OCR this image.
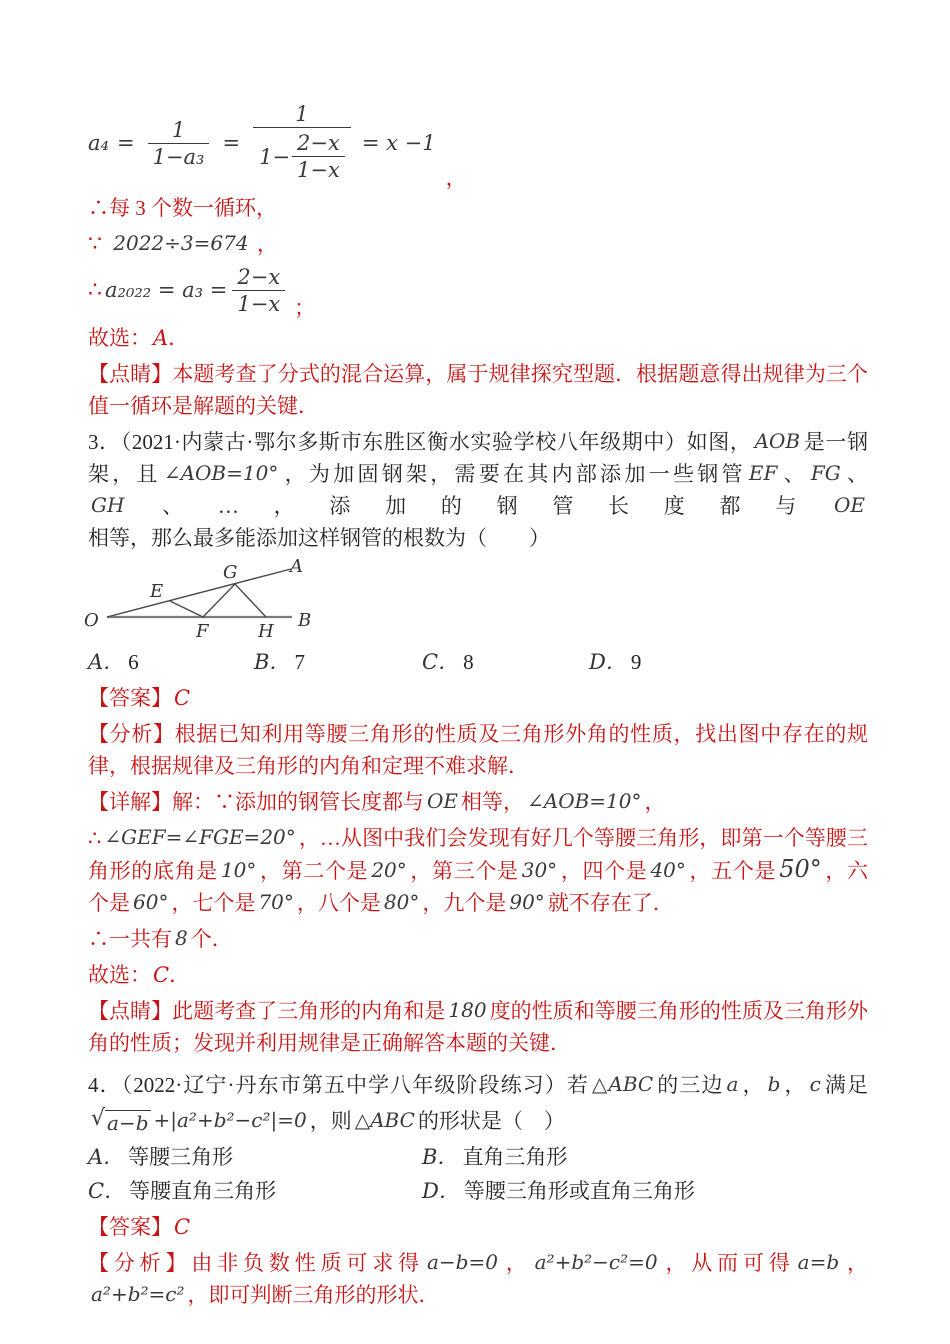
$a_4 = \frac{1}{\text{1−a₃}} = \frac{1}{1- \frac{2-x}{1-x}} = x -1$
，
∴每 3 个数一循环，
∵ 2022÷3=674 ，
∴ $a_{2022} = a_3 = \frac{2-x}{1-x}$ ；
故选：A．
【点睛】本题考查了分式的混合运算，属于规律探究型题．根据题意得出规律为三个值一循环是解题的关键．
3．（2021·内蒙古·鄂尔多斯市东胜区衡水实验学校八年级期中）如图， AOB 是一钢架，且 ∠AOB=10° ，为加固钢架，需要在其内部添加一些钢管 EF 、 FG 、GH 、…，添加的钢管长度都与 OE相等，那么最多能添加这样钢管的根数为（　　）
O
E
G	A
F	H
B
A． 6	B． 7	C． 8	D． 9
【答案】C
【分析】根据已知利用等腰三角形的性质及三角形外角的性质，找出图中存在的规律，根据规律及三角形的内角和定理不难求解．
【详解】解：∵添加的钢管长度都与 OE 相等， ∠AOB=10° ，
∴ ∠GEF=∠FGE=20° ，…从图中我们会发现有好几个等腰三角形，即第一个等腰三角形的底角是 10° ，第二个是 20° ，第三个是 30° ，四个是 40° ，五个是 50° ，六个是 60° ，七个是 70° ，八个是 80° ，九个是 90° 就不存在了．
∴一共有 8 个．
故选：C．
【点睛】此题考查了三角形的内角和是 180 度的性质和等腰三角形的性质及三角形外角的性质；发现并利用规律是正确解答本题的关键．
4．（2022·辽宁·丹东市第五中学八年级阶段练习）若 △ABC 的三边 a ， b ， c 满足
√ a−b +|a²+b²−c²|=0 ，则 △ABC 的形状是（　）
A． 等腰三角形	B． 直角三角形
C． 等腰直角三角形	D． 等腰三角形或直角三角形
【答案】C
【分析】由非负数性质可求得 a−b=0 ， a²+b²−c²=0 ，从而可得 a=b ，a²+b²=c² ，即可判断三角形的形状．
